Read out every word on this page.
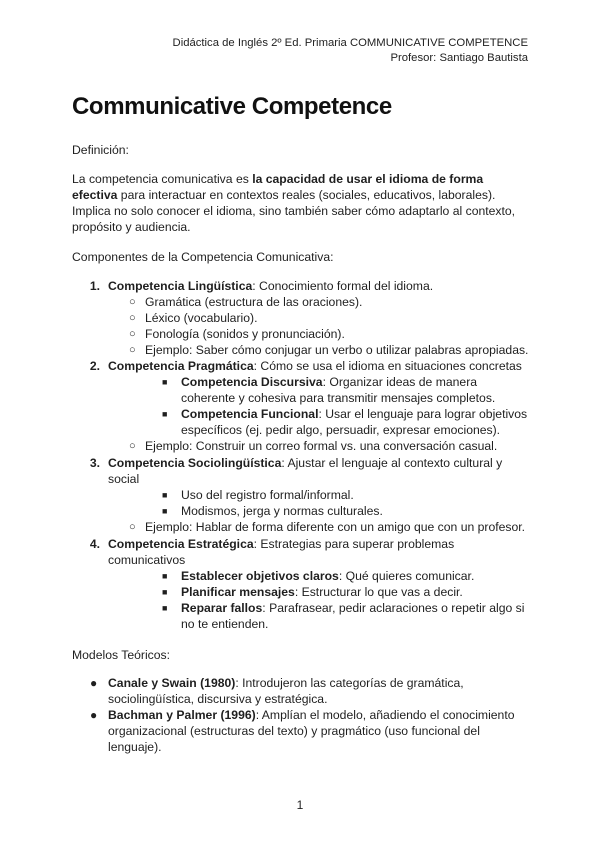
Didáctica de Inglés 2º Ed. Primaria COMMUNICATIVE COMPETENCE
Profesor: Santiago Bautista
Communicative Competence
Definición:
La competencia comunicativa es la capacidad de usar el idioma de forma
efectiva para interactuar en contextos reales (sociales, educativos, laborales).
Implica no solo conocer el idioma, sino también saber cómo adaptarlo al contexto,
propósito y audiencia.
Componentes de la Competencia Comunicativa:
1. Competencia Lingüística: Conocimiento formal del idioma.
○ Gramática (estructura de las oraciones).
○ Léxico (vocabulario).
○ Fonología (sonidos y pronunciación).
○ Ejemplo: Saber cómo conjugar un verbo o utilizar palabras apropiadas.
2. Competencia Pragmática: Cómo se usa el idioma en situaciones concretas
■ Competencia Discursiva: Organizar ideas de manera
coherente y cohesiva para transmitir mensajes completos.
■ Competencia Funcional: Usar el lenguaje para lograr objetivos
específicos (ej. pedir algo, persuadir, expresar emociones).
○ Ejemplo: Construir un correo formal vs. una conversación casual.
3. Competencia Sociolingüística: Ajustar el lenguaje al contexto cultural y
social
■ Uso del registro formal/informal.
■ Modismos, jerga y normas culturales.
○ Ejemplo: Hablar de forma diferente con un amigo que con un profesor.
4. Competencia Estratégica: Estrategias para superar problemas
comunicativos
■ Establecer objetivos claros: Qué quieres comunicar.
■ Planificar mensajes: Estructurar lo que vas a decir.
■ Reparar fallos: Parafrasear, pedir aclaraciones o repetir algo si
no te entienden.
Modelos Teóricos:
● Canale y Swain (1980): Introdujeron las categorías de gramática,
sociolingüística, discursiva y estratégica.
● Bachman y Palmer (1996): Amplían el modelo, añadiendo el conocimiento
organizacional (estructuras del texto) y pragmático (uso funcional del
lenguaje).
1
